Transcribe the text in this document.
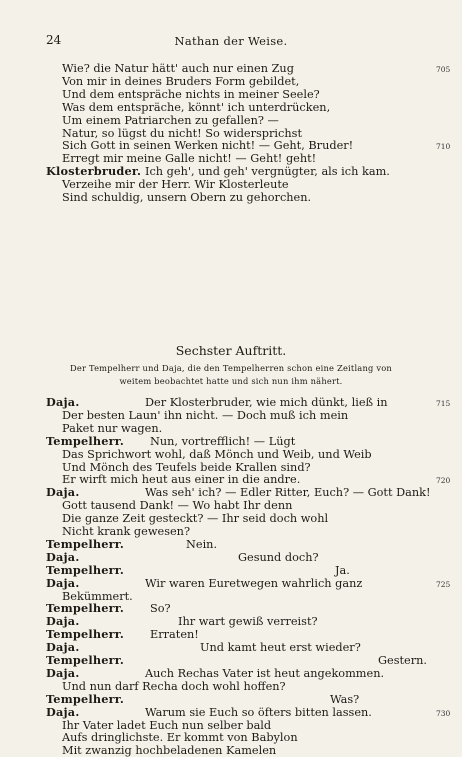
24	Nathan der Weise.
Wie? die Natur hätt' auch nur einen Zug	705
Von mir in deines Bruders Form gebildet,
Und dem entspräche nichts in meiner Seele?
Was dem entspräche, könnt' ich unterdrücken,
Um einem Patriarchen zu gefallen? —
Natur, so lügst du nicht! So widersprichst
Sich Gott in seinen Werken nicht! — Geht, Bruder!	710
Erregt mir meine Galle nicht! — Geht! geht!
Klosterbruder. Ich geh', und geh' vergnügter, als ich kam.
Verzeihe mir der Herr. Wir Klosterleute
Sind schuldig, unsern Obern zu gehorchen.
Sechster Auftritt.
Der Tempelherr und Daja, die den Tempelherren schon eine Zeitlang von
weitem beobachtet hatte und sich nun ihm nähert.
Daja.	Der Klosterbruder, wie mich dünkt, ließ in	715
Der besten Laun' ihn nicht. — Doch muß ich mein
Paket nur wagen.
Tempelherr. Nun, vortrefflich! — Lügt
Das Sprichwort wohl, daß Mönch und Weib, und Weib
Und Mönch des Teufels beide Krallen sind?
Er wirft mich heut aus einer in die andre.	720
Daja.	Was seh' ich? — Edler Ritter, Euch? — Gott Dank!
Gott tausend Dank! — Wo habt Ihr denn
Die ganze Zeit gesteckt? — Ihr seid doch wohl
Nicht krank gewesen?
Tempelherr.	Nein.
Daja.	Gesund doch?
Tempelherr.	Ja.
Daja.	Wir waren Euretwegen wahrlich ganz	725
Bekümmert.
Tempelherr. So?
Daja.	Ihr wart gewiß verreist?
Tempelherr. Erraten!
Daja.	Und kamt heut erst wieder?
Tempelherr.	Gestern.
Daja.	Auch Rechas Vater ist heut angekommen.
Und nun darf Recha doch wohl hoffen?
Tempelherr.	Was?
Daja.	Warum sie Euch so öfters bitten lassen.	730
Ihr Vater ladet Euch nun selber bald
Aufs dringlichste. Er kommt von Babylon
Mit zwanzig hochbeladenen Kamelen
